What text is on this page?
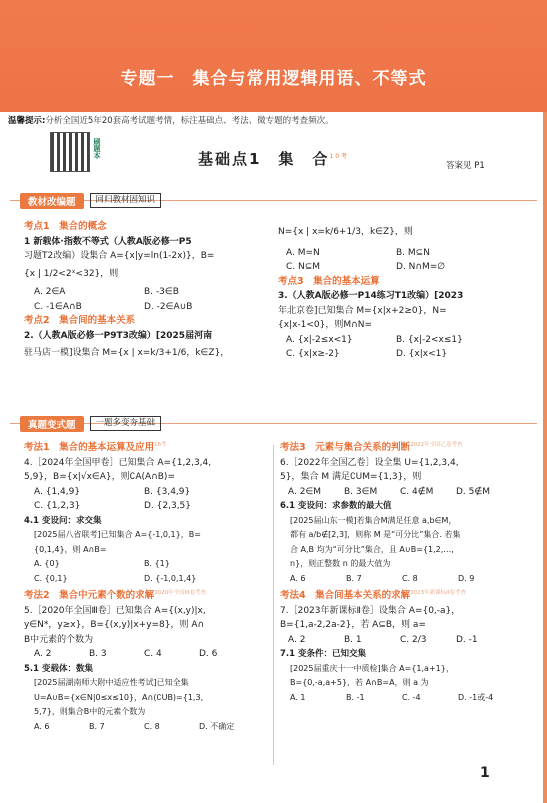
专题一　集合与常用逻辑用语、不等式
温馨提示:分析全国近5年20套高考试题考情，标注基础点、考法、微专题的考查频次。
刷题本	基础点1　集　合$^{10考}$
答案见 P1
教材改编题	回归教材固知识
考点1　集合的概念
1 新载体·指数不等式（人教A版必修一P5
习题T2改编）设集合 A={x|y=ln(1-2x)}，B=
{x | 1/2<2ˣ<32}，则
A. 2∈A	B. -3∈B
C. -1∈A∩B	D. -2∈A∪B
考点2　集合间的基本关系
2.（人教A版必修一P9T3改编）[2025届河南
驻马店一模]设集合 M={x | x=k/3+1/6，k∈Z}，
N={x | x=k/6+1/3，k∈Z}，则
A. M=N	B. M⊆N
C. N⊆M	D. N∩M=∅
考点3　集合的基本运算
3.（人教A版必修一P14练习T1改编）[2023
年北京卷]已知集合 M={x|x+2≥0}，N=
{x|x-1<0}，则M∩N=
A. {x|-2≤x<1}	B. {x|-2<x≤1}
C. {x|x≥-2}	D. {x|x<1}
真题变式题	一题多变夯基础
考法1　集合的基本运算及应用$^{16考}$
4.［2024年全国甲卷］已知集合 A={1,2,3,4,
5,9}，B={x|√x∈A}，则∁A(A∩B)=
A. {1,4,9}	B. {3,4,9}
C. {1,2,3}	D. {2,3,5}
4.1 变设问：求交集
[2025届八省联考]已知集合 A={-1,0,1}，B=
{0,1,4}，则 A∩B=
A. {0}	B. {1}
C. {0,1}	D. {-1,0,1,4}
考法2　集合中元素个数的求解$^{2020年全国III卷考查}$
5.［2020年全国Ⅲ卷］已知集合 A={(x,y)|x,
y∈N*，y≥x}，B={(x,y)|x+y=8}，则 A∩
B中元素的个数为
A. 2	B. 3	C. 4	D. 6
5.1 变载体：数集
[2025届湖南师大附中适应性考试]已知全集
U=A∪B={x∈N|0≤x≤10}，A∩(∁UB)={1,3,
5,7}，则集合B中的元素个数为
A. 6	B. 7	C. 8	D. 不确定
考法3　元素与集合关系的判断$^{2022年全国乙卷考查}$
6.［2022年全国乙卷］设全集 U={1,2,3,4,
5}，集合 M 满足∁UM={1,3}，则
A. 2∈M	B. 3∈M	C. 4∉M	D. 5∉M
6.1 变设问：求参数的最大值
[2025届山东一模]若集合M满足任意 a,b∈M，
都有 a/b∉[2,3]，则称 M 是“可分比”集合. 若集
合 A,B 均为“可分比”集合，且 A∪B={1,2,…,
n}，则正整数 n 的最大值为
A. 6	B. 7	C. 8	D. 9
考法4　集合间基本关系的求解$^{2023年新课标II卷考查}$
7.［2023年新课标Ⅱ卷］设集合 A={0,-a}，
B={1,a-2,2a-2}，若 A⊆B，则 a=
A. 2	B. 1	C. 2/3	D. -1
7.1 变条件：已知交集
[2025届重庆十一中质检]集合 A={1,a+1}，
B={0,-a,a+5}，若 A∩B=A，则 a 为
A. 1	B. -1	C. -4	D. -1或-4
1
